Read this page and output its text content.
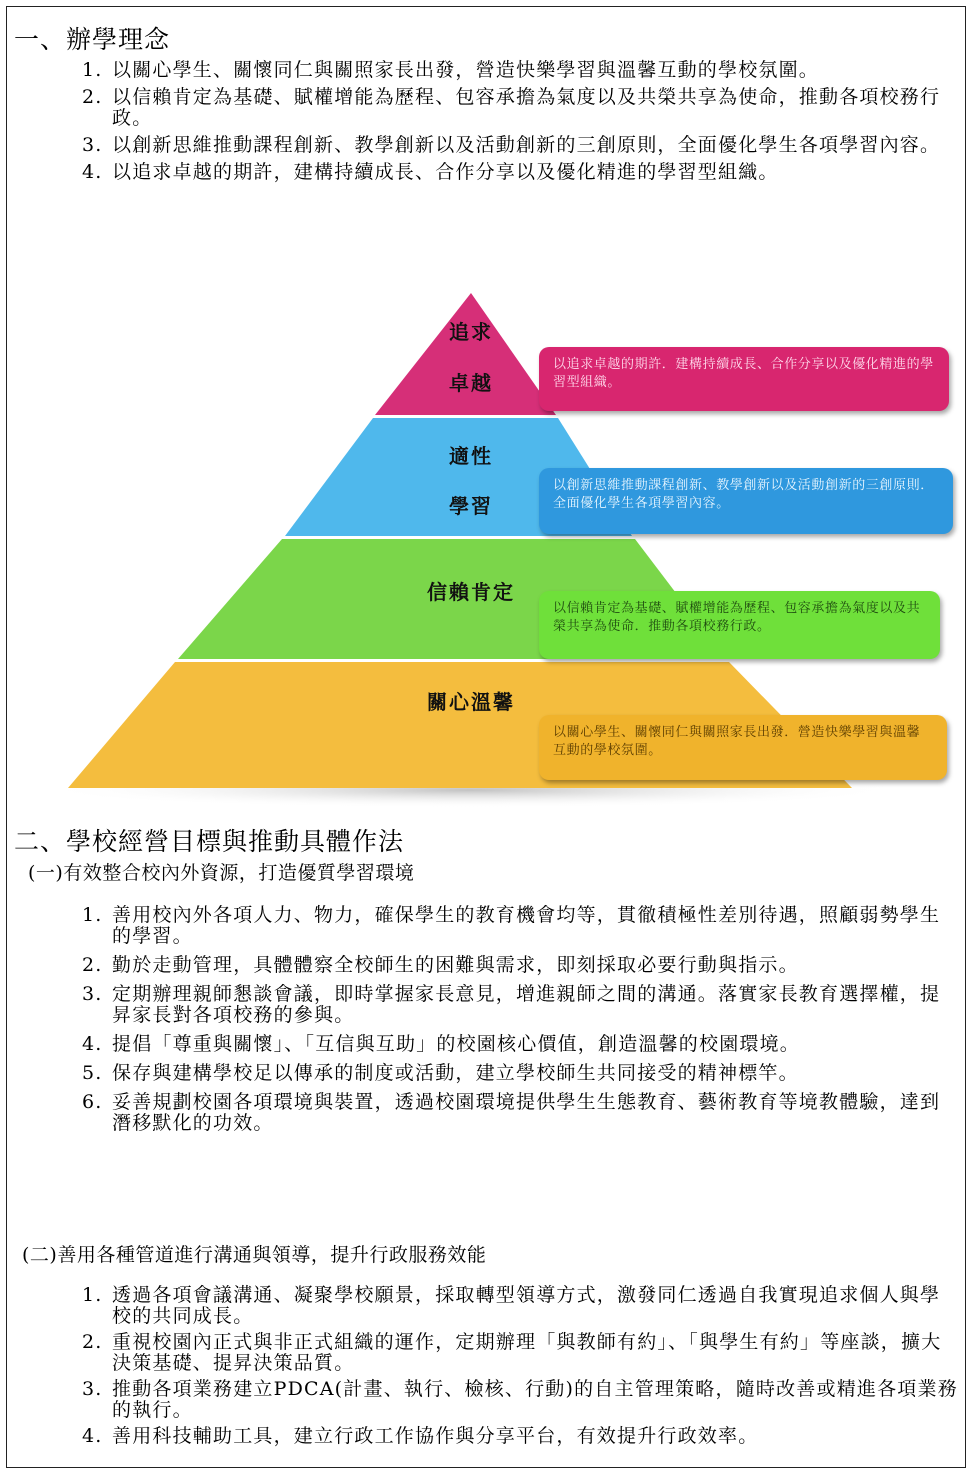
一、辦學理念
1. 以關心學生、關懷同仁與關照家長出發，營造快樂學習與溫馨互動的學校氛圍。
2. 以信賴肯定為基礎、賦權增能為歷程、包容承擔為氣度以及共榮共享為使命，推動各項校務行政。
3. 以創新思維推動課程創新、教學創新以及活動創新的三創原則，全面優化學生各項學習內容。
4. 以追求卓越的期許，建構持續成長、合作分享以及優化精進的學習型組織。
追求
卓越
適性
學習
信賴肯定
關心溫馨
以追求卓越的期許．建構持續成長、合作分享以及優化精進的學習型組織。
以創新思維推動課程創新、教學創新以及活動創新的三創原則．全面優化學生各項學習內容。
以信賴肯定為基礎、賦權增能為歷程、包容承擔為氣度以及共榮共享為使命．推動各項校務行政。
以關心學生、關懷同仁與關照家長出發．營造快樂學習與溫馨互動的學校氛圍。
二、學校經營目標與推動具體作法
(一)有效整合校內外資源，打造優質學習環境
1. 善用校內外各項人力、物力，確保學生的教育機會均等，貫徹積極性差別待遇，照顧弱勢學生的學習。
2. 勤於走動管理，具體體察全校師生的困難與需求，即刻採取必要行動與指示。
3. 定期辦理親師懇談會議，即時掌握家長意見，增進親師之間的溝通。落實家長教育選擇權，提昇家長對各項校務的參與。
4. 提倡「尊重與關懷」、「互信與互助」的校園核心價值，創造溫馨的校園環境。
5. 保存與建構學校足以傳承的制度或活動，建立學校師生共同接受的精神標竿。
6. 妥善規劃校園各項環境與裝置，透過校園環境提供學生生態教育、藝術教育等境教體驗，達到潛移默化的功效。
(二)善用各種管道進行溝通與領導，提升行政服務效能
1. 透過各項會議溝通、凝聚學校願景，採取轉型領導方式，激發同仁透過自我實現追求個人與學校的共同成長。
2. 重視校園內正式與非正式組織的運作，定期辦理「與教師有約」、「與學生有約」等座談，擴大決策基礎、提昇決策品質。
3. 推動各項業務建立PDCA(計畫、執行、檢核、行動)的自主管理策略，隨時改善或精進各項業務的執行。
4. 善用科技輔助工具，建立行政工作協作與分享平台，有效提升行政效率。
